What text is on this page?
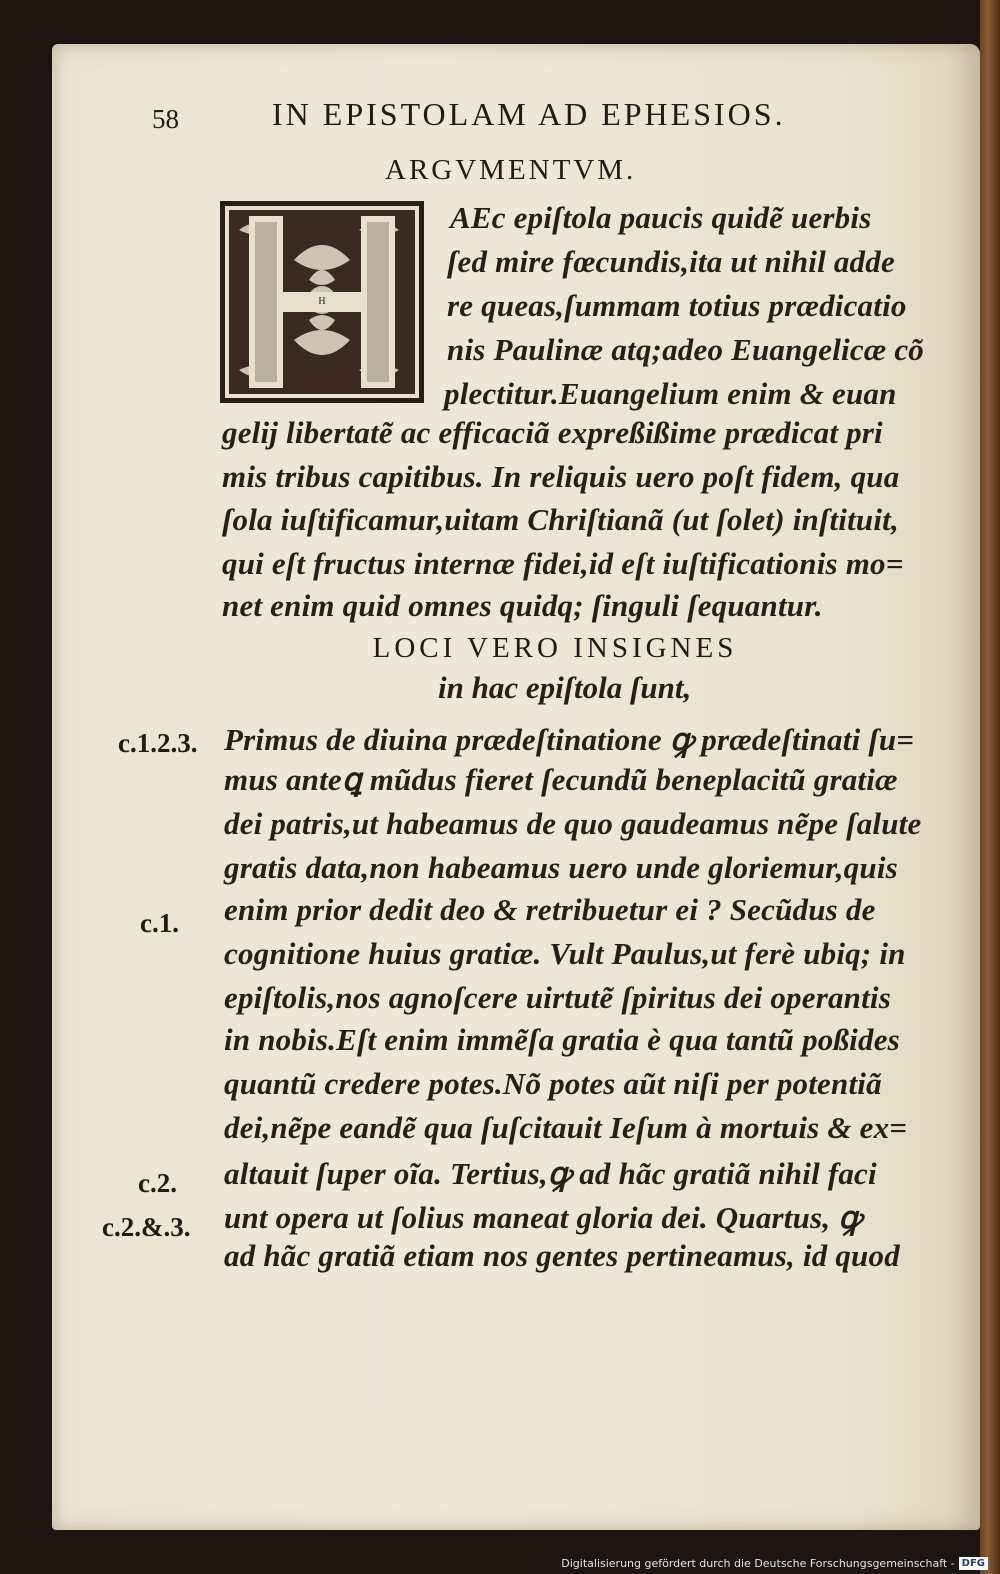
58	IN EPISTOLAM AD EPHESIOS.
ARGVMENTVM.
H
AEc epiſtola paucis quidẽ uerbis
ſed mire fœcundis,ita ut nihil adde
re queas,ſummam totius prædicatio
nis Paulinæ atq;adeo Euangelicæ cõ
plectitur.Euangelium enim & euan
gelij libertatẽ ac efficaciã expreßißime prædicat pri
mis tribus capitibus. In reliquis uero poſt fidem, qua
ſola iuſtificamur,uitam Chriſtianã (ut ſolet) inſtituit,
qui eſt fructus internæ fidei,id eſt iuſtificationis mo=
net enim quid omnes quidq; ſinguli ſequantur.
LOCI VERO INSIGNES
in hac epiſtola ſunt,
Primus de diuina prædeſtinatione ꝙ prædeſtinati ſu=
mus anteꝗ mũdus fieret ſecundũ beneplacitũ gratiæ
dei patris,ut habeamus de quo gaudeamus nẽpe ſalute
gratis data,non habeamus uero unde gloriemur,quis
enim prior dedit deo & retribuetur ei ? Secũdus de
cognitione huius gratiæ. Vult Paulus,ut ferè ubiq; in
epiſtolis,nos agnoſcere uirtutẽ ſpiritus dei operantis
in nobis.Eſt enim immẽſa gratia è qua tantũ poßides
quantũ credere potes.Nõ potes aũt niſi per potentiã
dei,nẽpe eandẽ qua ſuſcitauit Ieſum à mortuis & ex=
altauit ſuper oĩa. Tertius,ꝙ ad hãc gratiã nihil faci
unt opera ut ſolius maneat gloria dei. Quartus, ꝙ
ad hãc gratiã etiam nos gentes pertineamus, id quod
c.1.2.3.
c.1.
c.2.
c.2.&.3.
Digitalisierung gefördert durch die Deutsche Forschungsgemeinschaft - DFG
